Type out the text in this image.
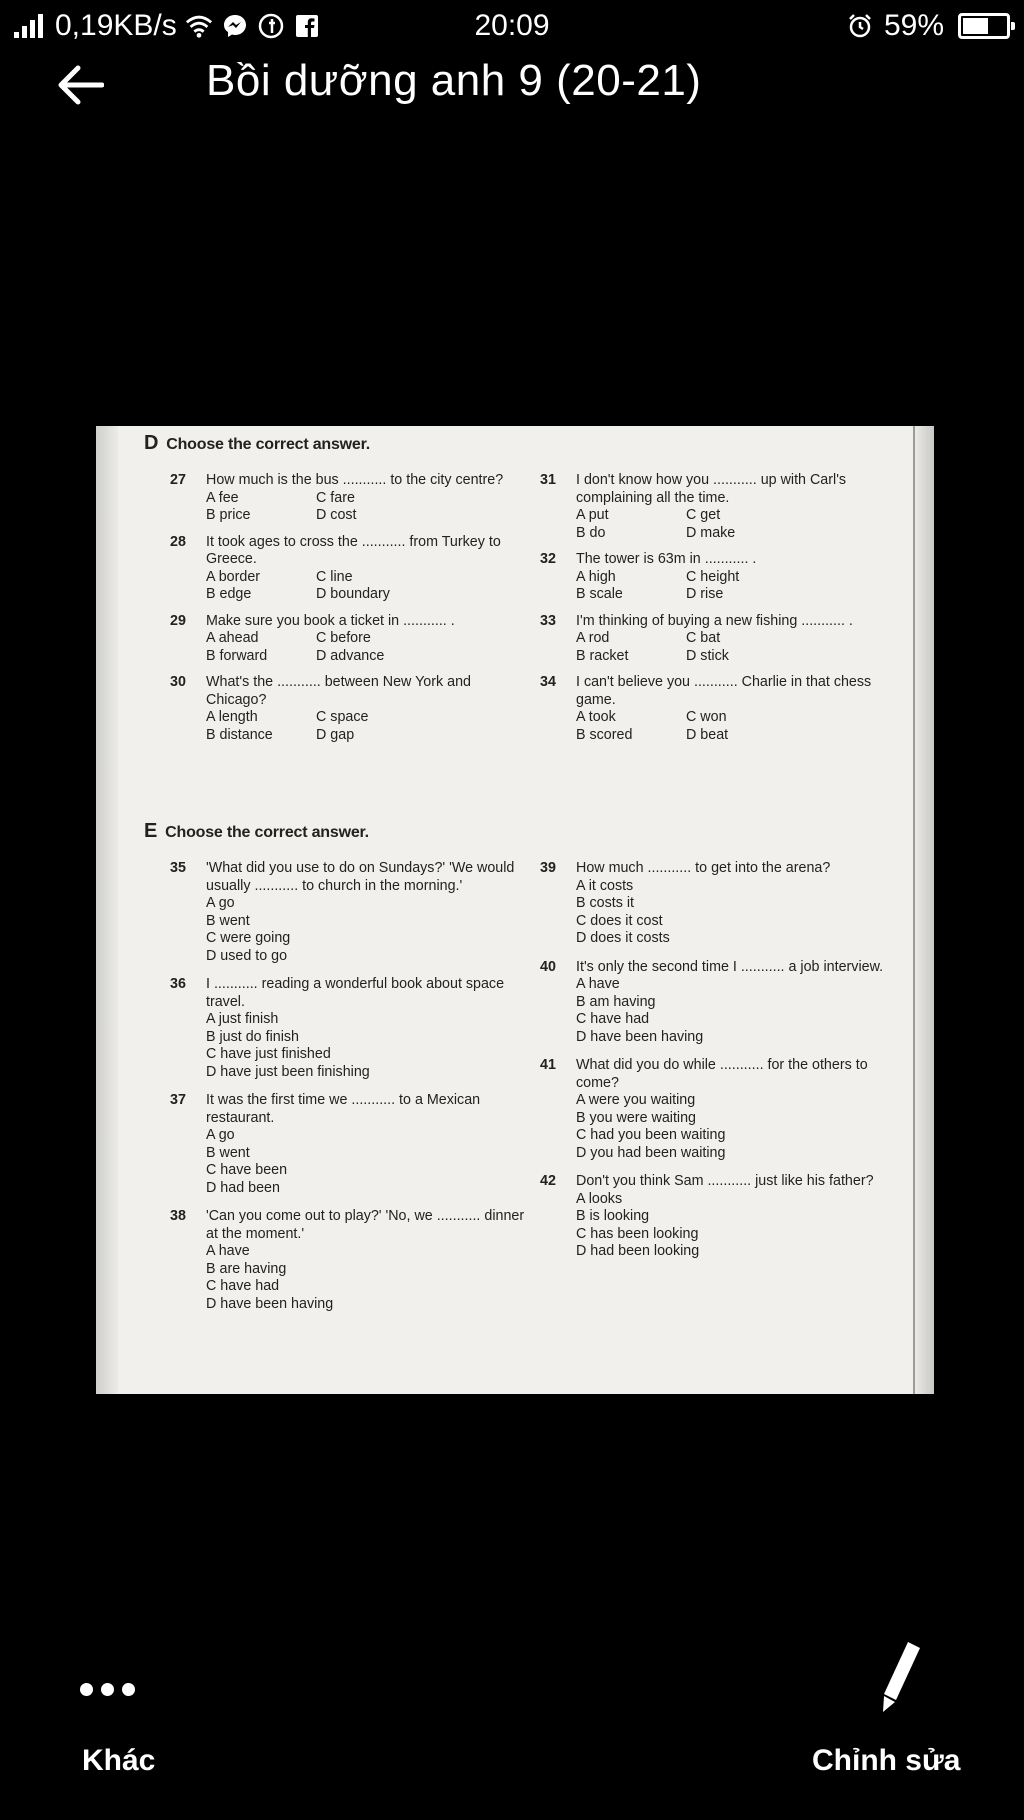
0,19KB/s	20:09	59%
Bồi dưỡng anh 9 (20-21)
D Choose the correct answer.
27 How much is the bus ........... to the city centre?
A fee	C fare
B price	D cost
28 It took ages to cross the ........... from Turkey to Greece.
A border	C line
B edge	D boundary
29 Make sure you book a ticket in ........... .
A ahead	C before
B forward	D advance
30 What's the ........... between New York and Chicago?
A length	C space
B distance	D gap
31 I don't know how you ........... up with Carl's complaining all the time.
A put	C get
B do	D make
32 The tower is 63m in ........... .
A high	C height
B scale	D rise
33 I'm thinking of buying a new fishing ........... .
A rod	C bat
B racket	D stick
34 I can't believe you ........... Charlie in that chess game.
A took	C won
B scored	D beat
E Choose the correct answer.
35 'What did you use to do on Sundays?' 'We would usually ........... to church in the morning.'
A go
B went
C were going
D used to go
36 I ........... reading a wonderful book about space travel.
A just finish
B just do finish
C have just finished
D have just been finishing
37 It was the first time we ........... to a Mexican restaurant.
A go
B went
C have been
D had been
38 'Can you come out to play?' 'No, we ........... dinner at the moment.'
A have
B are having
C have had
D have been having
39 How much ........... to get into the arena?
A it costs
B costs it
C does it cost
D does it costs
40 It's only the second time I ........... a job interview.
A have
B am having
C have had
D have been having
41 What did you do while ........... for the others to come?
A were you waiting
B you were waiting
C had you been waiting
D you had been waiting
42 Don't you think Sam ........... just like his father?
A looks
B is looking
C has been looking
D had been looking
Khác	Chỉnh sửa
